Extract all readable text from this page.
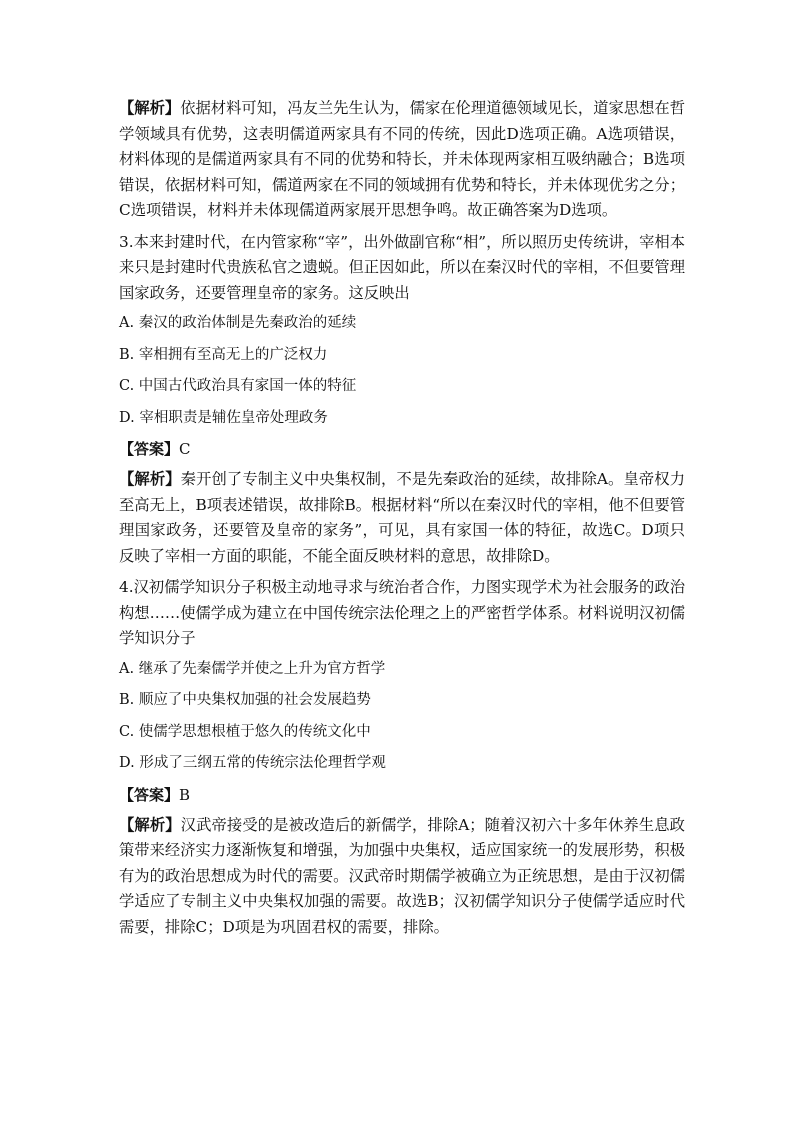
【解析】依据材料可知，冯友兰先生认为，儒家在伦理道德领域见长，道家思想在哲学领域具有优势，这表明儒道两家具有不同的传统，因此D选项正确。A选项错误，材料体现的是儒道两家具有不同的优势和特长，并未体现两家相互吸纳融合；B选项错误，依据材料可知，儒道两家在不同的领域拥有优势和特长，并未体现优劣之分；C选项错误，材料并未体现儒道两家展开思想争鸣。故正确答案为D选项。

3.本来封建时代，在内管家称“宰”，出外做副官称“相”，所以照历史传统讲，宰相本来只是封建时代贵族私官之遗蜕。但正因如此，所以在秦汉时代的宰相，不但要管理国家政务，还要管理皇帝的家务。这反映出

A. 秦汉的政治体制是先秦政治的延续

B. 宰相拥有至高无上的广泛权力

C. 中国古代政治具有家国一体的特征

D. 宰相职责是辅佐皇帝处理政务

【答案】C

【解析】秦开创了专制主义中央集权制，不是先秦政治的延续，故排除A。皇帝权力至高无上，B项表述错误，故排除B。根据材料“所以在秦汉时代的宰相，他不但要管理国家政务，还要管及皇帝的家务”，可见，具有家国一体的特征，故选C。D项只反映了宰相一方面的职能，不能全面反映材料的意思，故排除D。

4.汉初儒学知识分子积极主动地寻求与统治者合作，力图实现学术为社会服务的政治构想……使儒学成为建立在中国传统宗法伦理之上的严密哲学体系。材料说明汉初儒学知识分子

A. 继承了先秦儒学并使之上升为官方哲学

B. 顺应了中央集权加强的社会发展趋势

C. 使儒学思想根植于悠久的传统文化中

D. 形成了三纲五常的传统宗法伦理哲学观

【答案】B

【解析】汉武帝接受的是被改造后的新儒学，排除A；随着汉初六十多年休养生息政策带来经济实力逐渐恢复和增强，为加强中央集权，适应国家统一的发展形势，积极有为的政治思想成为时代的需要。汉武帝时期儒学被确立为正统思想，是由于汉初儒学适应了专制主义中央集权加强的需要。故选B；汉初儒学知识分子使儒学适应时代需要，排除C；D项是为巩固君权的需要，排除。
